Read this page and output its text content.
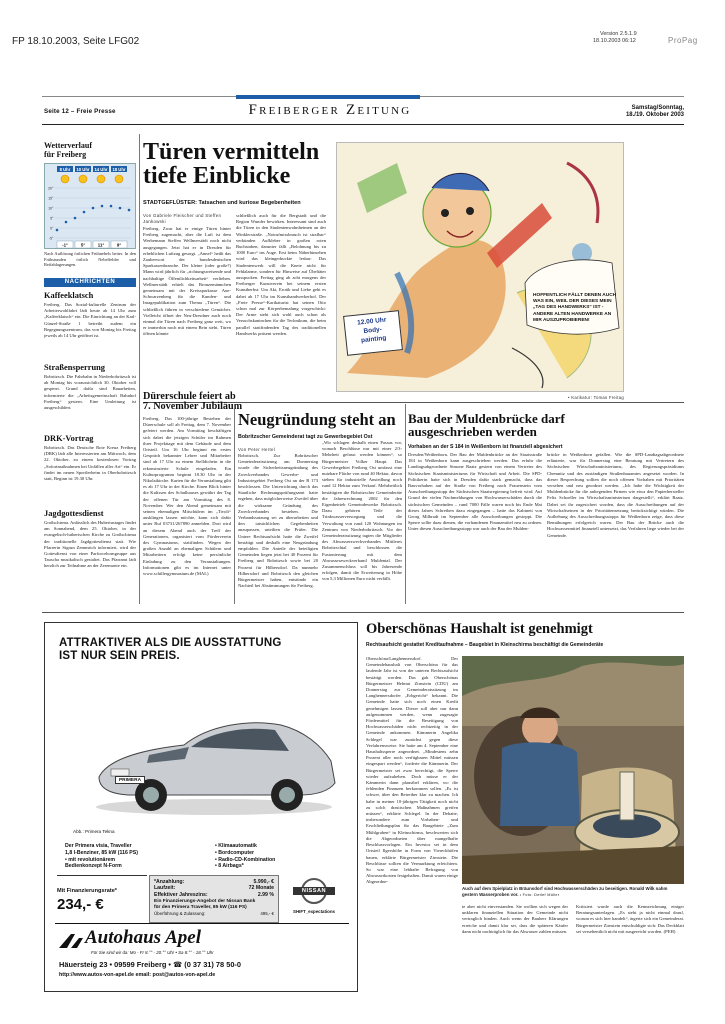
FP 18.10.2003, Seite LFG02
Version 2.5.1.9
18.10.2003 06:12	ProPag
Seite 12 – Freie Presse	Freiberger Zeitung	Samstag/Sonntag,
18./19. Oktober 2003
Wetterverlauf
für Freiberg
8 Uhr 10 Uhr 14 Uhr 18 Uhr
20°
15°
10°
5°
0°
-5°
-1°	5°	11°	9°
Nach Auflösung örtlichen Frühnebels heiter. In den Frühstunden örtlich Nebelfelder und Reifablagerungen.
NACHRICHTEN
Kaffeeklatsch
Freiberg. Das Sozial-kulturelle Zentrum der Arbeiterwohlfahrt lädt heute ab 14 Uhr zum „Kaffeeklatsch“ ein. Die Einrichtung an der Karl-Günzel-Straße 1 betreibt zudem ein Begegnungszentrum, das von Montag bis Freitag jeweils ab 14 Uhr geöffnet ist.
Straßensperrung
Bobritzsch. Die Fahrbahn in Niederbobritzsch ist ab Montag bis voraussichtlich 30. Oktober voll gesperrt. Grund dafür sind Bauarbeiten, informierte die „Arbeitsgemeinschaft Bahnhof Freiberg“ gestern. Eine Umleitung ist ausgeschildert.
DRK-Vortrag
Bobritzsch. Das Deutsche Rote Kreuz Freiberg (DRK) lädt alle Interessierten am Mittwoch, dem 22. Oktober, zu einem kostenlosen Vortrag „Sofortmaßnahmen bei Unfällen aller Art“ ein. Er findet im neuen Sportlerheim in Oberbobritzsch statt, Beginn ist 19.30 Uhr.
Jagdgottesdienst
Großschirma. Anlässlich des Hubertustages findet am Sonnabend, dem 25. Oktober, in der evangelisch-lutherischen Kirche zu Großschirma der traditionelle Jagdgottesdienst statt. Wie Pfarrerin Sigrun Zemmrich informiert, wird der Gottesdienst von einer Parforcehorngruppe aus Tauscha musikalisch gestaltet. Das Pfarramt lädt herzlich zur Teilnahme an der Zeremonie ein.
Türen vermitteln
tiefe Einblicke
STADTGEFLÜSTER: Tatsachen und kuriose Begebenheiten
Von Gabriele Fleischer und Steffen Jankowski
Freiberg. Zwar hat er einige Türen hinter Freiberg zugemacht, aber die Luft ist dem Werbemann Steffen Wellmerstädt noch nicht ausgegangen. Jetzt hat er in Dresden für erheblichen Luftzug gesorgt. „Annel“ heißt das Zauberwort der bundesdeutschen Sparkassenbranche. Der kleine (oder große?) Mann wird jährlich für „richtungsweisende und nachhaltige Öffentlichkeitsarbeit“ verliehen. Wellmerstädt erhielt das Bronzemännchen gemeinsam mit der Kreissparkasse Aue-Schwarzenberg für die Kunden- und Imagepublikation zum Thema „Türen“. Die schließlich führen in verschiedene Gemächer. Vielleicht öffnet der Neu-Dresdner auch noch einmal die Türen nach Freiberg ganz weit, wo er immerhin noch mit einem Bein steht. Türen öffnen könnte
schließlich auch für die Bergstadt und die Region Wunder bewirken. Interessant sind auch die Türen in den Studentenwohnheimen an der Winklerstraße. „Notrufmissbrauch ist strafbar“ verkünden Aufkleber in großen roten Buchstaben, darunter fällt „Belohnung bis zu 1000 Euro“ ins Auge. Erst beim Näherhinsehen wird das kleingedruckte lesbar: Das Studentenwerk will die Knete nicht für Fehlalarme, sondern für Hinweise auf Übeltäter ausspucken. Freitag ging ab acht morgens der Freiberger Kunstverein bei seinem ersten Kunstherbst: Um Akt, Erotik und Liebe geht es dabei ab 17 Uhr im Kunsthandwerkerhof. Der „Freie Presse“-Karikaturist hat seinen Otto schon mal zur Körperbemalung vorgeschickt: Der Arme steht sich wohl auch schon als Versuchskaninchen für die Technikum, die beim parallel stattfindenden Tag des traditionellen Handwerks präsent werden.
12.00 Uhr
Body-
painting
HOFFENTLICH FÄLLT DENEN AUCH WAS EIN, WEIL DER DIESES MEIN „TAG DES HANDWERKS“ IST - ANDERE ALTEN HANDWERKE AN MIR AUSZUPROBIEREN!
• Karikatur: Tomas Freitag
Dürerschule feiert ab
7. November Jubiläum
Freiberg. Das 100-jährige Bestehen der Dürerschule soll ab Freitag, dem 7. November gefeiert werden. Am Vormittag beschäftigen sich dabei die jetzigen Schüler im Rahmen ihrer Projekttage mit dem Gebäude und dem Ortsteil. Um 16 Uhr beginnt ein erstes Gespräch bekannter Lehrer und Mitarbeiter sind ab 17 Uhr zu einem Stelldichein in die rekonstruierte Schule eingeladen. Ein Kulturprogramm beginnt 18.30 Uhr in der Nikolaikirche. Karten für die Veranstaltung gibt es ab 17 Uhr in der Kirche. Einen Blick hinter die Kulissen des Schulhauses gewährt der Tag der offenen Tür am Vormittag des 8. November. Wer den Abend gemeinsam mit seinen ehemaligen Mitschülern im „Tivoli“ ausklingen lassen möchte, kann sich dafür unter Ruf 03731/267890 anmelden. Dort wird an diesem Abend auch der Treff der Generationen, organisiert vom Förderverein des Gymnasiums, stattfinden. Wegen der großen Anzahl an ehemaligen Schülern und Mitarbeitern erfolgt keine persönliche Einladung zu den Veranstaltungen. Informationen gibt es im Internet unter www.schillergymnasium.de (MAL)
Neugründung steht an
Bobritzscher Gemeinderat tagt zu Gewerbegebiet Ost
Von Peter Hertel
Bobritzsch. Zur Bobritzscher Gemeinderatssitzung am Donnerstag wurde die Sicherheitsneugründung des Zweckverbandes Gewerbe- und Industriegebiet Freiberg Ost an der B 173 beschlossen. Die Unterrichtung durch das Staatliche Rechnungsprüfungsamt hatte ergeben, dass möglicherweise Zweifel über die wirksame Gründung des Zweckverbandes bestehen. Die Verbandssatzung sei zu überarbeiten und den tatsächlichen Gegebenheiten anzupassen, urteilten die Prüfer. Die Untere Rechtsaufsicht hatte die Zweifel bestätigt und deshalb eine Neugründung empfohlen. Die Anteile der beteiligten Gemeinden liegen jetzt bei 40 Prozent für Freiberg und Bobritzsch sowie bei 20 Prozent für Hilbersdorf. Da nunmehr Hilbersdorf und Bobritzsch den gleichen Bürgermeister haben, entstünde ein Nachteil bei Abstimmungen für Freiberg.
„Wir schlagen deshalb einen Passus vor, wonach Beschlüsse nur mit einer 2/3-Mehrheit gefasst werden können“, so Bürgermeister Volker Haupt. Das Gewerbegebiet Freiberg Ost umfasst eine nutzbare Fläche von rund 40 Hektar, davon stehen für industrielle Ansiedlung noch rund 12 Hektar zum Verkauf. Mehrheitlich bestätigten die Bobritzscher Gemeinderäte die Jahresrechnung 2002 für den Eigenbetrieb Gemeindewerke Bobritzsch. Dazu gehören Teile der Trinkwasserversorgung und die Verwaltung von rund 120 Wohnungen im Zentrum von Niederbobritzsch. Vor der Gemeinderatssitzung tagten die Mitglieder des Abwasserzweckverbandes Mittleres Bobritzschtal und beschlossen die Fusionierung mit dem Abwasserzweckverband Muldental. Der Zusammenschluss soll bis Jahresende erfolgen, damit die Erweiterung in Höhe von 5,3 Millionen Euro nicht verfällt.
Bau der Muldenbrücke darf
ausgeschrieben werden
Vorhaben an der S 184 in Weißenborn ist finanziell abgesichert
Dresden/Weißenborn. Der Bau der Muldenbrücke an der Staatsstraße 184 in Weißenborn kann ausgeschrieben werden. Das erfuhr die Landtagsabgeordnete Simone Raatz gestern von einem Vertreter des Sächsischen Staatsministeriums für Wirtschaft und Arbeit. Die SPD-Politikerin hatte sich in Dresden dafür stark gemacht, dass das Bauvorhaben auf der Straße von Freiberg nach Frauenstein vom Ausschreibungsstopp der Sächsischen Staatsregierung befreit wird. Auf Grund der vielen Nachmeldungen von Hochwasserschäden durch die sächsischen Gemeinden – rund 7000 Fälle waren noch bis Ende Mai dieses Jahres Schreiben dazu eingegangen – hatte das Kabinett von Georg Milbradt im September alle Ausschreibungen gestoppt. Die Sperre sollte dazu dienen, die vorhandenen Finanzmittel neu zu ordnen. Unter diesen Ausschreibungsstopp war auch der Bau der Mulden-
brücke in Weißenborn gefallen. Wie die SPD-Landtagsabgeordnete erläuterte, war für Donnerstag eine Beratung mit Vertretern des Sächsischen Wirtschaftsministeriums, des Regierungspräsidiums Chemnitz und des zuständigen Straßenbauamtes angesetzt worden. In dieser Besprechung sollten die noch offenen Vorhaben mit Prioritäten versehen und neu geordnet werden. „Ich habe die Wichtigkeit der Muldenbrücke für die anliegenden Firmen wie etwa den Papierhersteller Felix Schoeller im Wirtschaftsministerium dargestellt“, erklärt Raatz. Dabei sei ihr zugesichert worden, dass die Ausschreibungen auf der Wirtschaftseinen in der Prioritätensetzung berücksichtigt würden. Die Aufhebung des Ausschreibungsstopps für Weißenborn zeige, dass diese Bemühungen erfolgreich waren. Der Bau der Brücke auch die Hochwassermittel finanziell untersetzt, das Verfahren liege wieder bei der Gemeinde.
ATTRAKTIVER ALS DIE AUSSTATTUNG
IST NUR SEIN PREIS.
PRIMERA
Abb.: Primera Tekna
Der Primera visia, Traveller
1,8 l-Benziner, 85 kW (116 PS)
• mit revolutionärem
Bedienkonzept N-Form
• Klimaautomatik
• Bordcomputer
• Radio-CD-Kombination
• 8 Airbags*
Mit Finanzierungsrate*
234,- €
*Anzahlung:	5.990,- €
Laufzeit:	72 Monate
Effektiver Jahreszins:	2.99 %
Ein Finanzierungs-Angebot der Nissan Bank
für den Primera Traveller, 85 kW (116 PS)
Überführung & Zulassung:	495,- €
NISSAN
SHIFT_expectations
Autohaus Apel
Für Sie sind wir da: Mo - Fr 8.°° - 20.°° Uhr • Sa 8.°° - 18.°° Uhr
Häuersteig 23 • 09599 Freiberg • ☎ (0 37 31) 78 50-0
http://www.autos-von-apel.de email: post@autos-von-apel.de
Oberschönas Haushalt ist genehmigt
Rechtsaufsicht gestattet Kreditaufnahme – Baugebiet in Kleinschirma beschäftigt die Gemeinderäte
Oberschöna/Langhennersdorf. Der Gemeindehaushalt von Oberschöna für das laufende Jahr ist von der unteren Rechtsaufsicht bestätigt worden. Das gab Oberschönas Bürgermeister Helmut Zirnstein (CDU) am Donnerstag zur Gemeinderatssitzung im Langhennersdorfer „Erbgericht“ bekannt. Die Gemeinde hatte sich noch einen Kredit genehmigen lassen. Dieser soll aber nur dann aufgenommen werden, wenn zugesagte Fördermittel für die Beseitigung von Hochwasserschäden nicht rechtzeitig in der Gemeinde ankommen. Kämmerin Angelika Schlegel war zunächst gegen diese Verfahrensweise. Sie hatte am 4. September eine Haushaltssperre angeordnet. „Mindestens zehn Prozent aller noch verfügbaren Mittel müssen eingespart werden“, forderte die Kämmerin. Der Bürgermeister sei zwar berechtigt, die Sperre wieder aufzuheben. Doch müsse er der Kämmerin dann plausibel erklären, wo die fehlenden Finanzen herkommen sollen. „Es ist schwer, über den Betreiber klar zu machen. Ich habe in meiner 10-jährigen Tätigkeit noch nicht zu solch drastischen Maßnahmen greifen müssen“, erklärte Schlegel. In der Debatte, insbesondere zum Vorhaben- und Erschließungsplan für das Baugebiete „Zum Mühlgraben“ in Kleinschirma, beschwerten sich die Abgeordneten über mangelhafte Beschlussvorlagen. Ein Investor sei in dem Ortsteil Ilgershöhe in Form von Viereckhöfen bauen, erklärte Bürgermeister Zirnstein. Die Beschlüsse sollten die Vermarktung erleichtern. So war eine lebhafte Befragung von Abwasserkosten festgehalten. Damit waren einige Abgeordne-
Auch auf dem Spielplatz in Bräunsdorf sind Hochwasserschäden zu beseitigen. Ronald Wilk nahm gestern Wasserproben vor. • Foto: Detlef Müller
te aber nicht einverstanden. Sie wollten sich wegen der unklaren finanziellen Situation der Gemeinde nicht vertraglich binden. Auch wenn der Bauherr Klärungen erreiche und damit klar sei, dass die späteren Käufer dann nicht nachträglich für das Abwasser zahlen müssen.
Kritisiert wurde auch die Kennzeichnung einiger Beratungsunterlagen. „Es steht ja nicht einmal drauf, worum es sich hier handelt“, ärgerte sich ein Gemeinderat. Bürgermeister Zirnstein entschuldigte sich: Das Deckblatt sei versehentlich nicht mit ausgereicht worden. (PEH)
